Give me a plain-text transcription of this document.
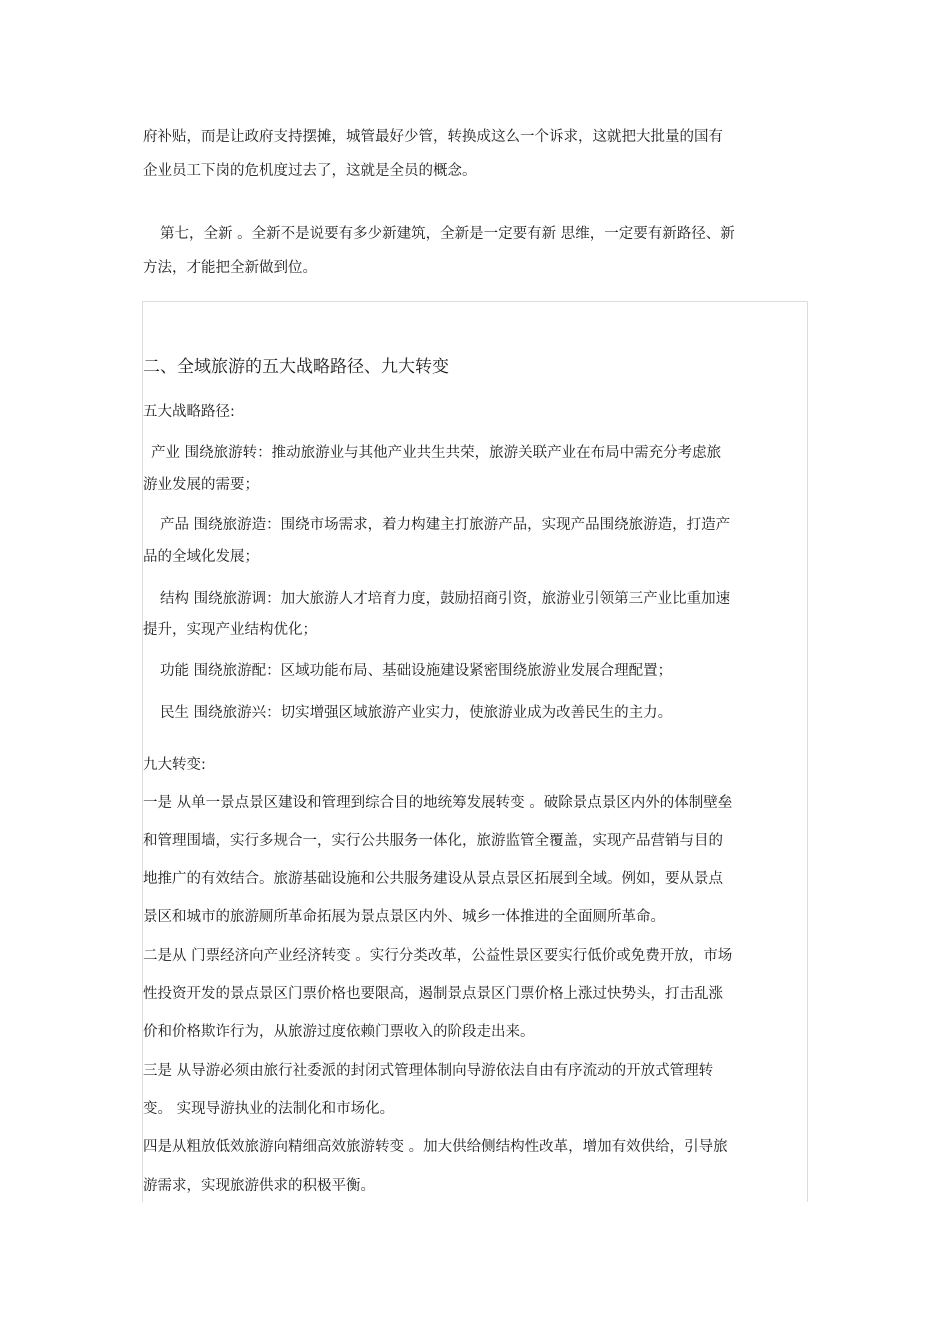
府补贴，而是让政府支持摆摊，城管最好少管，转换成这么一个诉求，这就把大批量的国有
企业员工下岗的危机度过去了，这就是全员的概念。
第七，全新 。全新不是说要有多少新建筑，全新是一定要有新 思维，一定要有新路径、新
方法，才能把全新做到位。
二、全域旅游的五大战略路径、九大转变
五大战略路径:
产业 围绕旅游转：推动旅游业与其他产业共生共荣，旅游关联产业在布局中需充分考虑旅
游业发展的需要；
产品 围绕旅游造：围绕市场需求，着力构建主打旅游产品，实现产品围绕旅游造，打造产
品的全域化发展；
结构 围绕旅游调：加大旅游人才培育力度，鼓励招商引资，旅游业引领第三产业比重加速
提升，实现产业结构优化；
功能 围绕旅游配：区域功能布局、基础设施建设紧密围绕旅游业发展合理配置；
民生 围绕旅游兴：切实增强区域旅游产业实力，使旅游业成为改善民生的主力。
九大转变:
一是 从单一景点景区建设和管理到综合目的地统筹发展转变 。破除景点景区内外的体制壁垒
和管理围墙，实行多规合一，实行公共服务一体化，旅游监管全覆盖，实现产品营销与目的
地推广的有效结合。旅游基础设施和公共服务建设从景点景区拓展到全域。例如，要从景点
景区和城市的旅游厕所革命拓展为景点景区内外、城乡一体推进的全面厕所革命。
二是从 门票经济向产业经济转变 。实行分类改革，公益性景区要实行低价或免费开放，市场
性投资开发的景点景区门票价格也要限高，遏制景点景区门票价格上涨过快势头，打击乱涨
价和价格欺诈行为，从旅游过度依赖门票收入的阶段走出来。
三是 从导游必须由旅行社委派的封闭式管理体制向导游依法自由有序流动的开放式管理转
变。 实现导游执业的法制化和市场化。
四是从粗放低效旅游向精细高效旅游转变 。加大供给侧结构性改革，增加有效供给，引导旅
游需求，实现旅游供求的积极平衡。
